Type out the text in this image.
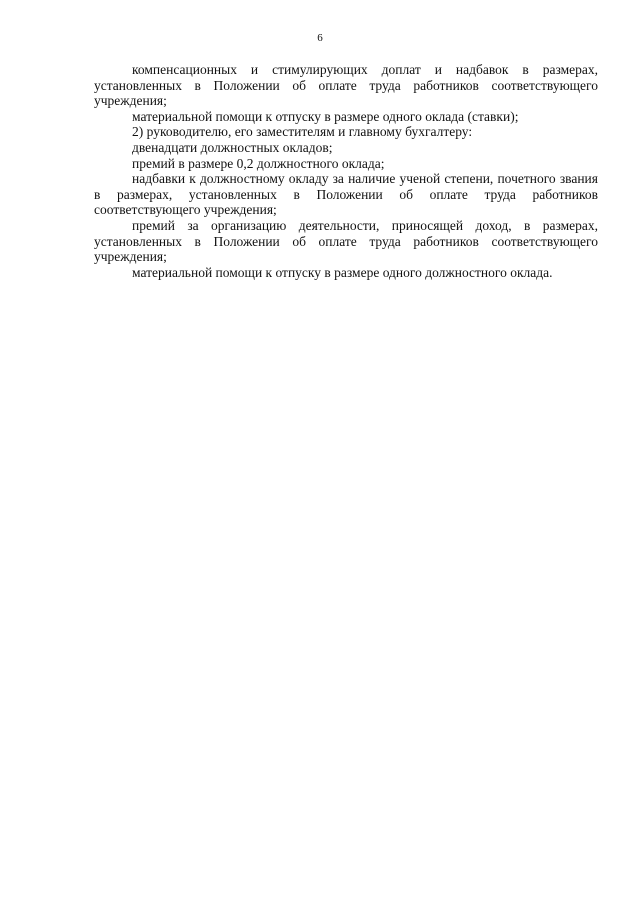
6

компенсационных и стимулирующих доплат и надбавок в размерах, установленных в Положении об оплате труда работников соответствующего учреждения;

материальной помощи к отпуску в размере одного оклада (ставки);

2) руководителю, его заместителям и главному бухгалтеру:

двенадцати должностных окладов;

премий в размере 0,2 должностного оклада;

надбавки к должностному окладу за наличие ученой степени, почетного звания в размерах, установленных в Положении об оплате труда работников соответствующего учреждения;

премий за организацию деятельности, приносящей доход, в размерах, установленных в Положении об оплате труда работников соответствующего учреждения;

материальной помощи к отпуску в размере одного должностного оклада.
